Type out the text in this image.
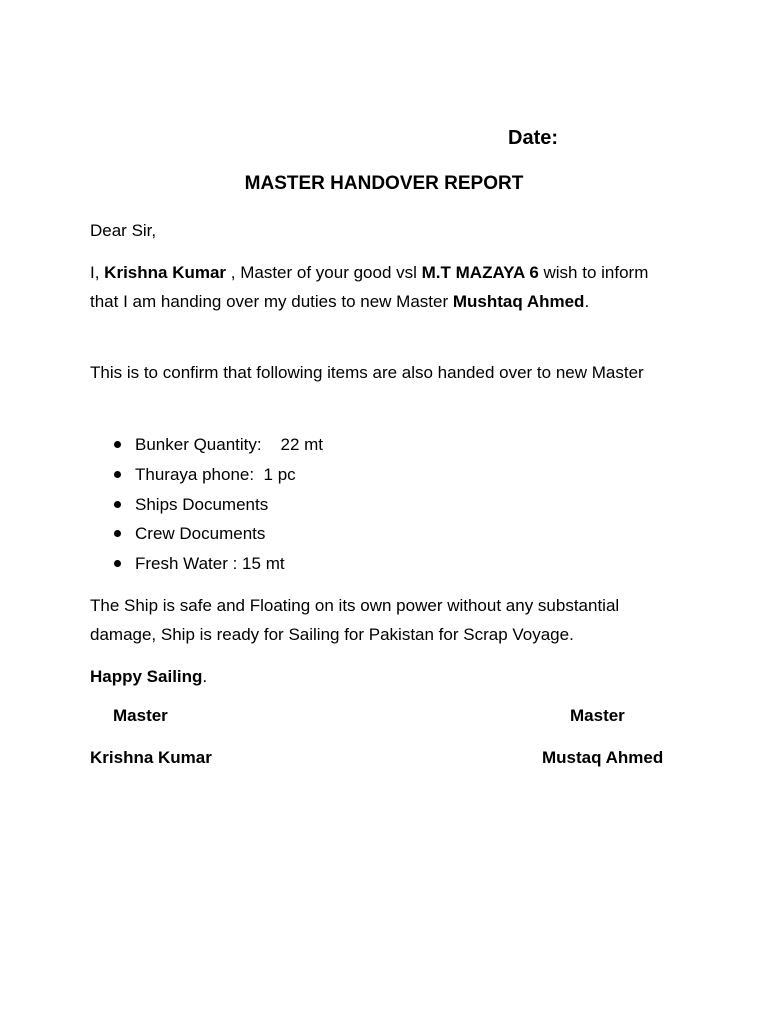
Date:
MASTER HANDOVER REPORT
Dear Sir,
I, Krishna Kumar , Master of your good vsl M.T MAZAYA 6 wish to inform that I am handing over my duties to new Master Mushtaq Ahmed.
This is to confirm that following items are also handed over to new Master
Bunker Quantity:    22 mt
Thuraya phone:  1 pc
Ships Documents
Crew Documents
Fresh Water : 15 mt
The Ship is safe and Floating on its own power without any substantial damage, Ship is ready for Sailing for Pakistan for Scrap Voyage.
Happy Sailing.
Master	Master
Krishna Kumar	Mustaq Ahmed
